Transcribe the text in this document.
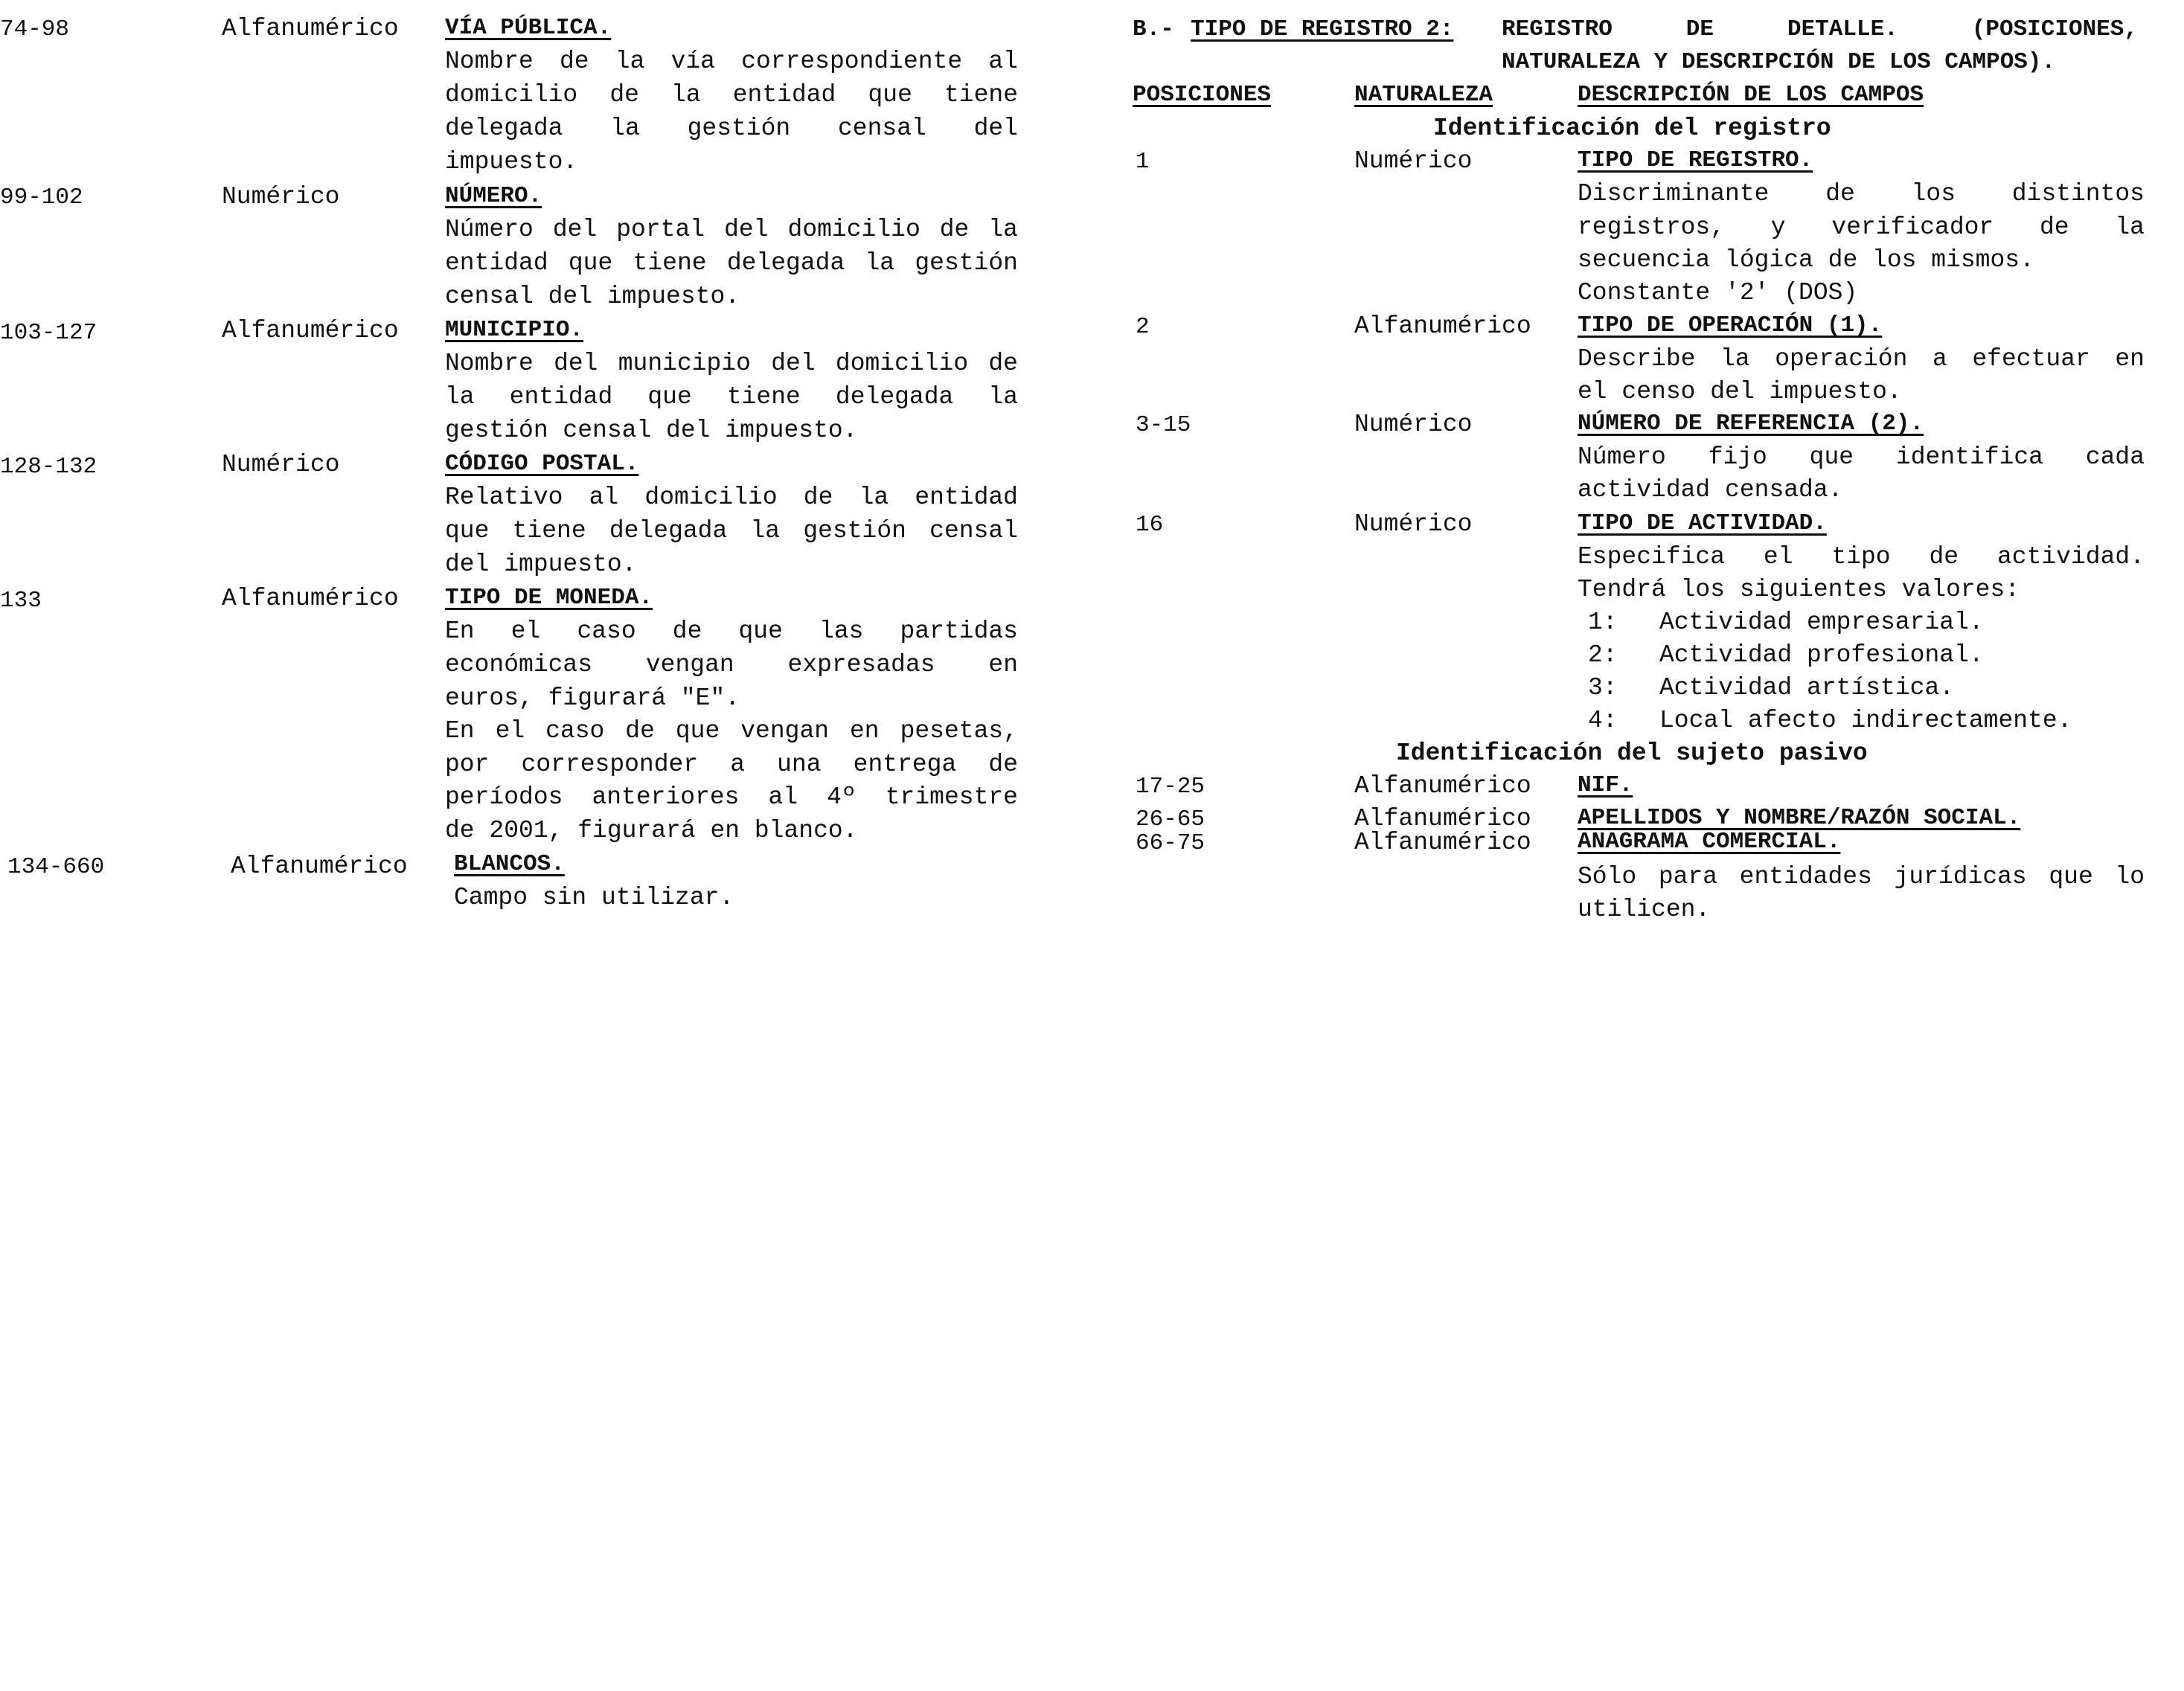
74-98	Alfanumérico VÍA PÚBLICA.
Nombre de la vía correspondiente al
domicilio de la entidad que tiene
delegada la gestión censal del
impuesto.
99-102	Numérico	NÚMERO.
Número del portal del domicilio de la
entidad que tiene delegada la gestión
censal del impuesto.
103-127	Alfanumérico MUNICIPIO.
Nombre del municipio del domicilio de
la entidad que tiene delegada la
gestión censal del impuesto.
128-132	Numérico	CÓDIGO POSTAL.
Relativo al domicilio de la entidad
que tiene delegada la gestión censal
del impuesto.
133	Alfanumérico TIPO DE MONEDA.
En el caso de que las partidas
económicas vengan expresadas en
euros, figurará "E".
En el caso de que vengan en pesetas,
por corresponder a una entrega de
períodos anteriores al 4º trimestre
de 2001, figurará en blanco.
134-660	Alfanumérico BLANCOS.
Campo sin utilizar.
B.- TIPO DE REGISTRO 2: REGISTRO DE DETALLE. (POSICIONES,
NATURALEZA Y DESCRIPCIÓN DE LOS CAMPOS).
POSICIONES	NATURALEZA	DESCRIPCIÓN DE LOS CAMPOS
Identificación del registro
1	Numérico	TIPO DE REGISTRO.
Discriminante de los distintos
registros, y verificador de la
secuencia lógica de los mismos.
Constante '2' (DOS)
2	Alfanumérico TIPO DE OPERACIÓN (1).
Describe la operación a efectuar en
el censo del impuesto.
3-15	Numérico	NÚMERO DE REFERENCIA (2).
Número fijo que identifica cada
actividad censada.
16	Numérico	TIPO DE ACTIVIDAD.
Especifica el tipo de actividad.
Tendrá los siguientes valores:
1:	Actividad empresarial.
2:	Actividad profesional.
3:	Actividad artística.
4:	Local afecto indirectamente.
Identificación del sujeto pasivo
17-25	Alfanumérico NIF.
26-65	Alfanumérico APELLIDOS Y NOMBRE/RAZÓN SOCIAL.
66-75	Alfanumérico ANAGRAMA COMERCIAL.
Sólo para entidades jurídicas que lo
utilicen.
